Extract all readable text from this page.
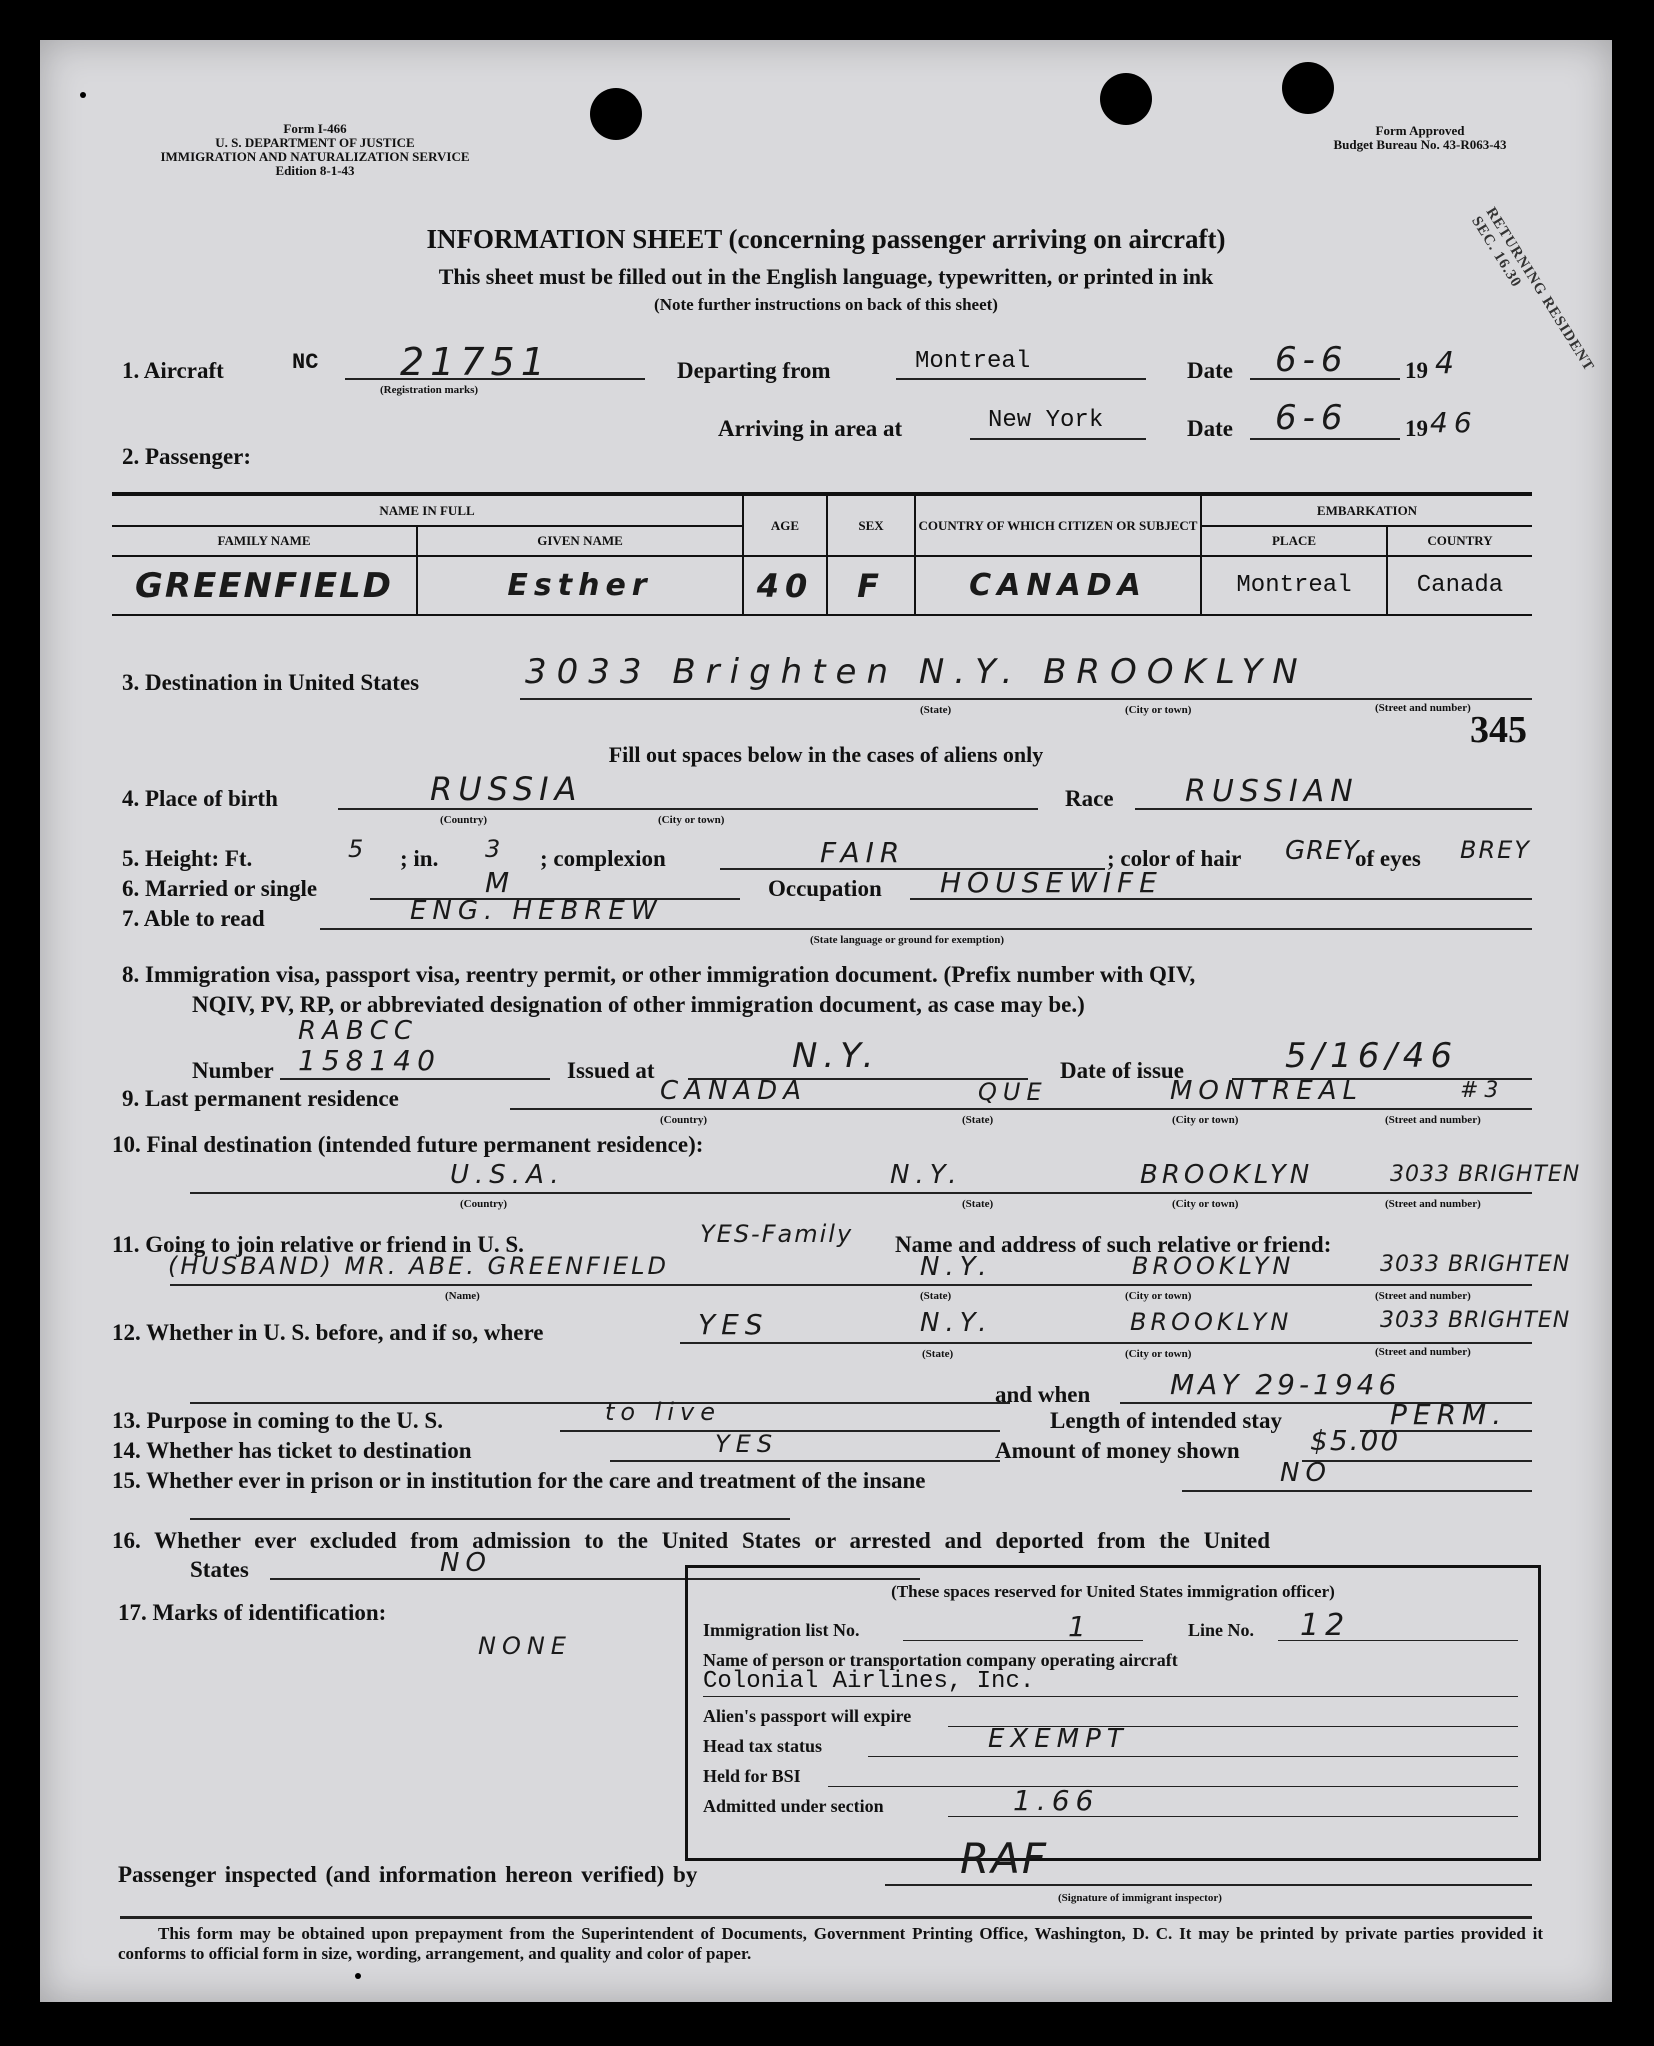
Form I-466
U. S. DEPARTMENT OF JUSTICE
IMMIGRATION AND NATURALIZATION SERVICE
Edition 8-1-43
Form Approved
Budget Bureau No. 43-R063-43
INFORMATION SHEET (concerning passenger arriving on aircraft)
This sheet must be filled out in the English language, typewritten, or printed in ink
(Note further instructions on back of this sheet)	RETURNING RESIDENT SEC. 16.30
1. Aircraft	NC 21751
(Registration marks)
Departing from	Montreal	Date 6-6 19 4
Arriving in area at	New York	Date 6-6 19 46
2. Passenger:
NAME IN FULL		AGE	SEX	COUNTRY OF WHICH CITIZEN OR SUBJECT	EMBARKATION	
FAMILY NAME	GIVEN NAME				PLACE	COUNTRY
GREENFIELD	Esther	40	F	CANADA	Montreal	Canada
3. Destination in United States	3033 Brighten N.Y. BROOKLYN
(State)	(City or town)	(Street and number)
345
Fill out spaces below in the cases of aliens only
4. Place of birth	RUSSIA
(Country)	(City or town)
Race RUSSIAN
5. Height: Ft.	5 ; in. 3 ; complexion	FAIR	; color of hair GREY
of eyes BREY
6. Married or single	M	Occupation HOUSEWIFE
7. Able to read	ENG. HEBREW
(State language or ground for exemption)
8. Immigration visa, passport visa, reentry permit, or other immigration document. (Prefix number with QIV,
NQIV, PV, RP, or abbreviated designation of other immigration document, as case may be.)
Number
RABCC
158140	Issued at	N.Y.	Date of issue	5/16/46
9. Last permanent residence	CANADA	QUE	MONTREAL	#3
(Country)	(State)	(City or town)	(Street and number)
10. Final destination (intended future permanent residence):
U.S.A.	N.Y.	BROOKLYN	3033 BRIGHTEN
(Country)	(State)	(City or town)	(Street and number)
11. Going to join relative or friend in U. S.	YES-Family Name and address of such relative or friend:
(HUSBAND) MR. ABE. GREENFIELD	N.Y.	BROOKLYN	3033 BRIGHTEN
(Name)	(State)	(City or town)	(Street and number)
12. Whether in U. S. before, and if so, where	YES	N.Y.	BROOKLYN	3033 BRIGHTEN
(State)	(City or town)	(Street and number)
and when	MAY 29-1946
13. Purpose in coming to the U. S.	to live	Length of intended stay	PERM.
14. Whether has ticket to destination	YES	Amount of money shown	$5.00
15. Whether ever in prison or in institution for the care and treatment of the insane	NO
16. Whether ever excluded from admission to the United States or arrested and deported from the United
States	NO
17. Marks of identification:
NONE
(These spaces reserved for United States immigration officer)
Immigration list No.	1	Line No. 12
Name of person or transportation company operating aircraft
Colonial Airlines, Inc.
Alien's passport will expire
Head tax status	EXEMPT
Held for BSI
Admitted under section	1.66
Passenger inspected (and information hereon verified) by	RAF
(Signature of immigrant inspector)
This form may be obtained upon prepayment from the Superintendent of Documents, Government Printing Office, Washington, D. C. It may be printed by private parties provided it conforms to official form in size, wording, arrangement, and quality and color of paper.
